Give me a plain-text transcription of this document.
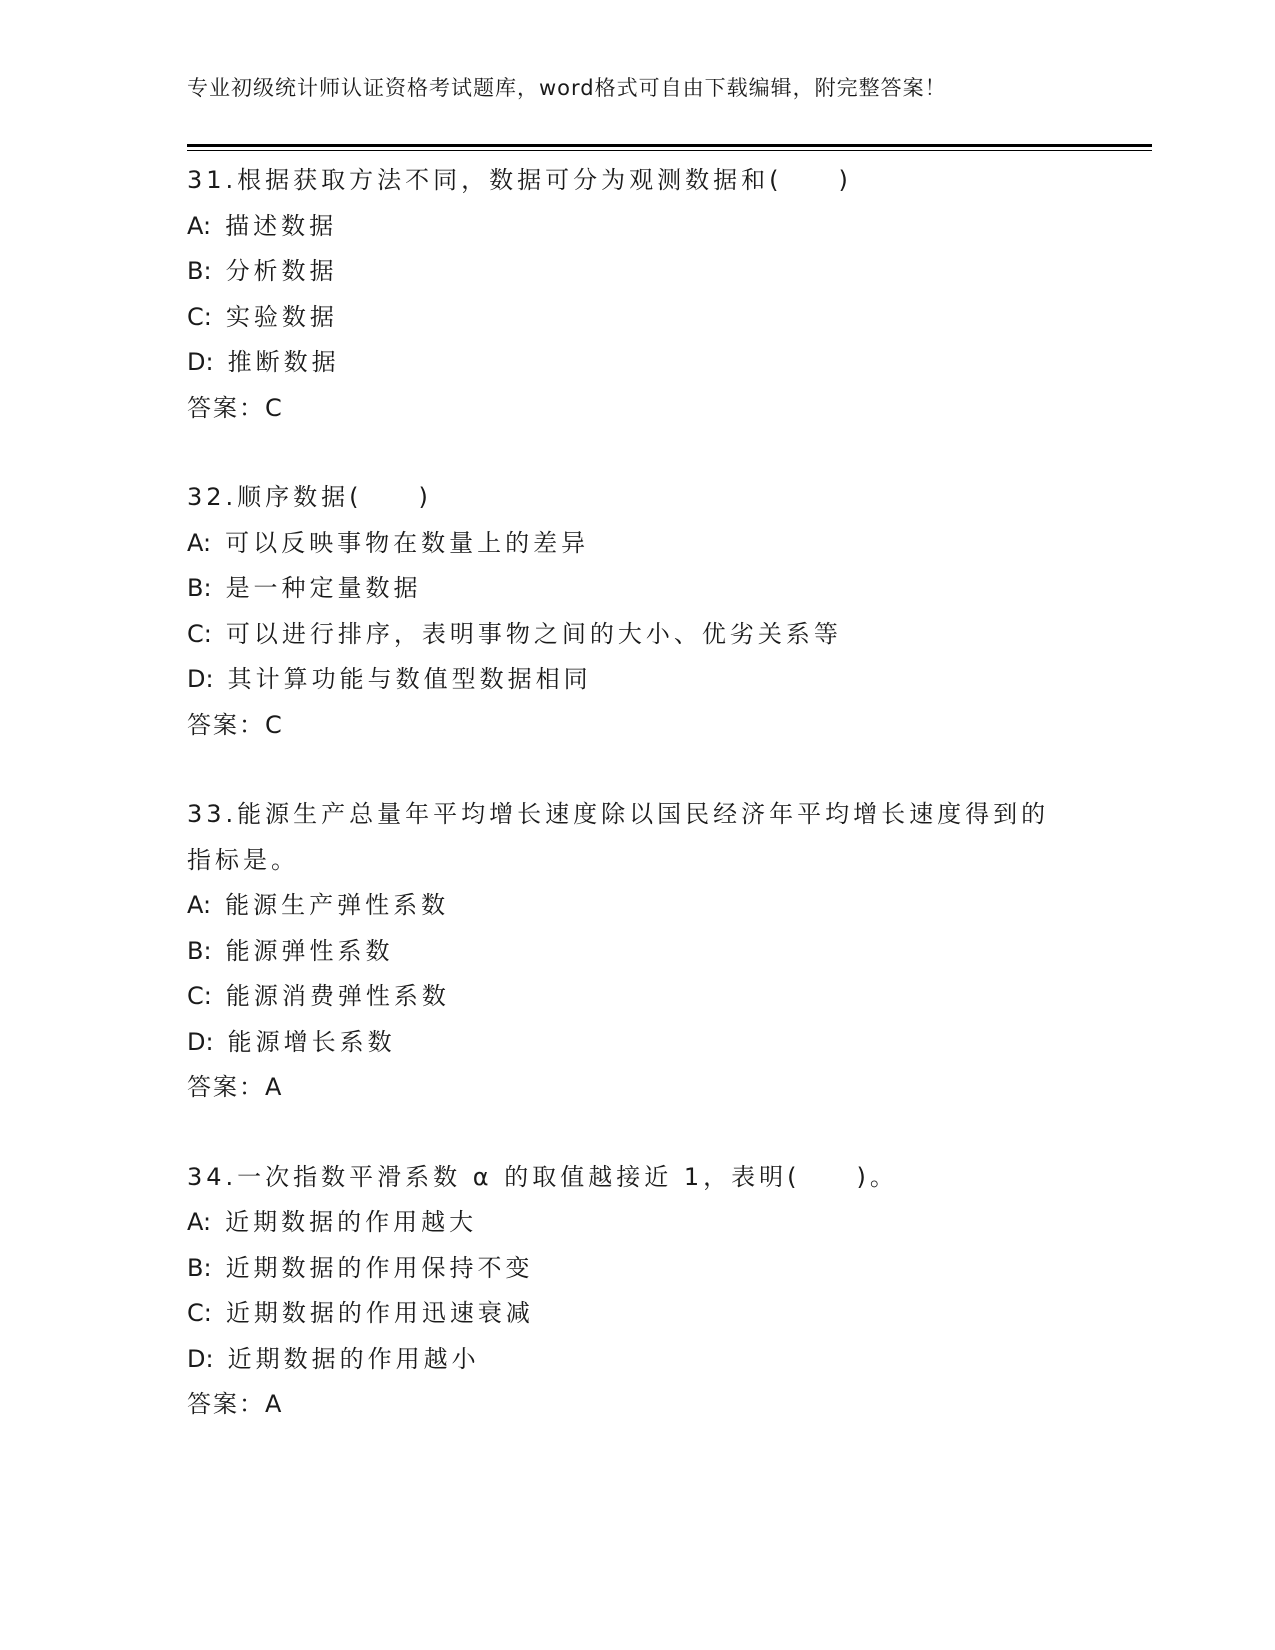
专业初级统计师认证资格考试题库，word格式可自由下载编辑，附完整答案！
31.根据获取方法不同，数据可分为观测数据和(　　)
A: 描述数据
B: 分析数据
C: 实验数据
D: 推断数据
答案：C
32.顺序数据(　　)
A: 可以反映事物在数量上的差异
B: 是一种定量数据
C: 可以进行排序，表明事物之间的大小、优劣关系等
D: 其计算功能与数值型数据相同
答案：C
33.能源生产总量年平均增长速度除以国民经济年平均增长速度得到的指标是。
A: 能源生产弹性系数
B: 能源弹性系数
C: 能源消费弹性系数
D: 能源增长系数
答案：A
34.一次指数平滑系数 α 的取值越接近 1，表明(　　)。
A: 近期数据的作用越大
B: 近期数据的作用保持不变
C: 近期数据的作用迅速衰减
D: 近期数据的作用越小
答案：A
